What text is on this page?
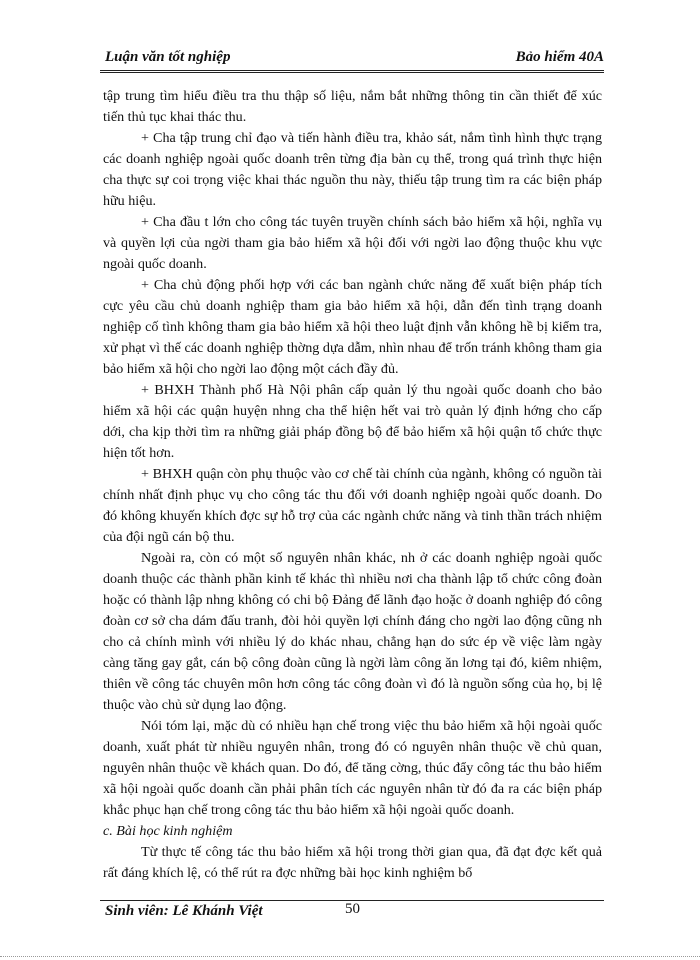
Luận văn tốt nghiệp	Bảo hiểm 40A

tập trung tìm hiểu điều tra thu thập số liệu, nắm bắt những thông tin cần thiết để xúc tiến thủ tục khai thác thu.

+ Cha tập trung chỉ đạo và tiến hành điều tra, khảo sát, nắm tình hình thực trạng các doanh nghiệp ngoài quốc doanh trên từng địa bàn cụ thể, trong quá trình thực hiện cha thực sự coi trọng việc khai thác nguồn thu này, thiếu tập trung tìm ra các biện pháp hữu hiệu.

+ Cha đầu t lớn cho công tác tuyên truyền chính sách bảo hiểm xã hội, nghĩa vụ và quyền lợi của ngời tham gia bảo hiểm xã hội đối với ngời lao động thuộc khu vực ngoài quốc doanh.

+ Cha chủ động phối hợp với các ban ngành chức năng để xuất biện pháp tích cực yêu cầu chủ doanh nghiệp tham gia bảo hiểm xã hội, dẫn đến tình trạng doanh nghiệp cố tình không tham gia bảo hiểm xã hội theo luật định vẫn không hề bị kiểm tra, xử phạt vì thế các doanh nghiệp thờng dựa dẫm, nhìn nhau để trốn tránh không tham gia bảo hiểm xã hội cho ngời lao động một cách đầy đủ.

+ BHXH Thành phố Hà Nội phân cấp quản lý thu ngoài quốc doanh cho bảo hiểm xã hội các quận huyện nhng cha thể hiện hết vai trò quản lý định hớng cho cấp dới, cha kịp thời tìm ra những giải pháp đồng bộ để bảo hiểm xã hội quận tổ chức thực hiện tốt hơn.

+ BHXH quận còn phụ thuộc vào cơ chế tài chính của ngành, không có nguồn tài chính nhất định phục vụ cho công tác thu đối với doanh nghiệp ngoài quốc doanh. Do đó không khuyến khích đợc sự hỗ trợ của các ngành chức năng và tinh thần trách nhiệm của đội ngũ cán bộ thu.

Ngoài ra, còn có một số nguyên nhân khác, nh ở các doanh nghiệp ngoài quốc doanh thuộc các thành phần kinh tế khác thì nhiều nơi cha thành lập tổ chức công đoàn hoặc có thành lập nhng không có chi bộ Đảng để lãnh đạo hoặc ở doanh nghiệp đó công đoàn cơ sở cha dám đấu tranh, đòi hỏi quyền lợi chính đáng cho ngời lao động cũng nh cho cả chính mình với nhiều lý do khác nhau, chẳng hạn do sức ép về việc làm ngày càng tăng gay gắt, cán bộ công đoàn cũng là ngời làm công ăn lơng tại đó, kiêm nhiệm, thiên về công tác chuyên môn hơn công tác công đoàn vì đó là nguồn sống của họ, bị lệ thuộc vào chủ sử dụng lao động.

Nói tóm lại, mặc dù có nhiều hạn chế trong việc thu bảo hiểm xã hội ngoài quốc doanh, xuất phát từ nhiều nguyên nhân, trong đó có nguyên nhân thuộc về chủ quan, nguyên nhân thuộc về khách quan. Do đó, để tăng cờng, thúc đẩy công tác thu bảo hiểm xã hội ngoài quốc doanh cần phải phân tích các nguyên nhân từ đó đa ra các biện pháp khắc phục hạn chế trong công tác thu bảo hiểm xã hội ngoài quốc doanh.

c. Bài học kinh nghiệm

Từ thực tế công tác thu bảo hiểm xã hội trong thời gian qua, đã đạt đợc kết quả rất đáng khích lệ, có thể rút ra đợc những bài học kinh nghiệm bổ

Sinh viên: Lê Khánh Việt	50
